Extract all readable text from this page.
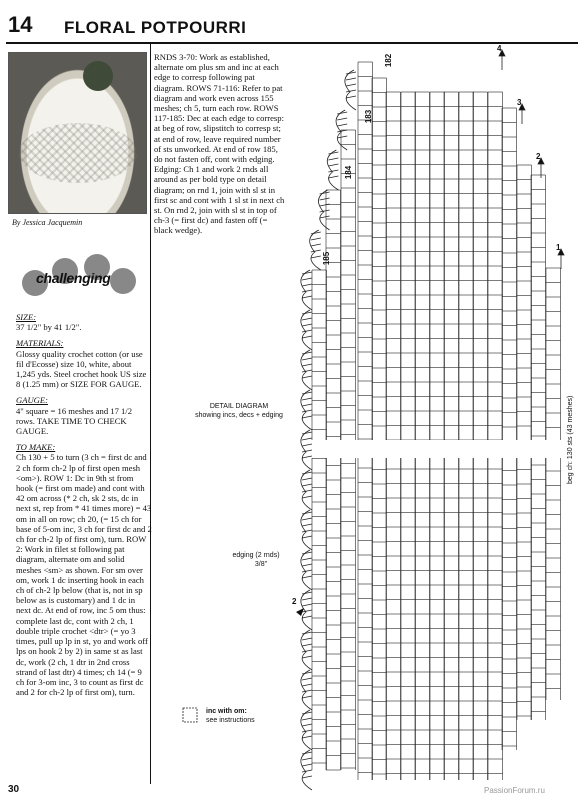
14 FLORAL POTPOURRI
By Jessica Jacquemin
challenging

SIZE:

37 1/2" by 41 1/2".

MATERIALS:

Glossy quality crochet cotton (or use fil d'Ecosse) size 10, white, about 1,245 yds. Steel crochet hook US size 8 (1.25 mm) or SIZE FOR GAUGE.

GAUGE:

4" square = 16 meshes and 17 1/2 rows. TAKE TIME TO CHECK GAUGE.

TO MAKE:

Ch 130 + 5 to turn (3 ch = first dc and 2 ch form ch-2 lp of first open mesh <om>). ROW 1: Dc in 9th st from hook (= first om made) and cont with 42 om across (* 2 ch, sk 2 sts, dc in next st, rep from * 41 times more) = 43 om in all on row; ch 20, (= 15 ch for base of 5-om inc, 3 ch for first dc and 2 ch for ch-2 lp of first om), turn. ROW 2: Work in filet st following pat diagram, alternate om and solid meshes <sm> as shown. For sm over om, work 1 dc inserting hook in each ch of ch-2 lp below (that is, not in sp below as is customary) and 1 dc in next dc. At end of row, inc 5 om thus: complete last dc, cont with 2 ch, 1 double triple crochet <dtr> (= yo 3 times, pull up lp in st, yo and work off lps on hook 2 by 2) in same st as last dc, work (2 ch, 1 dtr in 2nd cross strand of last dtr) 4 times; ch 14 (= 9 ch for 3-om inc, 3 to count as first dc and 2 for ch-2 lp of first om), turn.

RNDS 3-70: Work as established, alternate om plus sm and inc at each edge to corresp following pat diagram. ROWS 71-116: Refer to pat diagram and work even across 155 meshes; ch 5, turn each row. ROWS 117-185: Dec at each edge to corresp: at beg of row, slipstitch to corresp st; at end of row, leave required number of sts unworked. At end of row 185, do not fasten off, cont with edging. Edging: Ch 1 and work 2 rnds all around as per bold type on detail diagram; on rnd 1, join with sl st in first sc and cont with 1 sl st in next ch st. On rnd 2, join with sl st in top of ch-3 (= first dc) and fasten off (= black wedge).

DETAIL DIAGRAM
showing incs, decs + edging
edging (2 rnds)
3/8"
inc with om:
see instructions
beg ch: 130 sts (43 meshes)
182
183
184
185
4
3
2
1
2
30	PassionForum.ru
